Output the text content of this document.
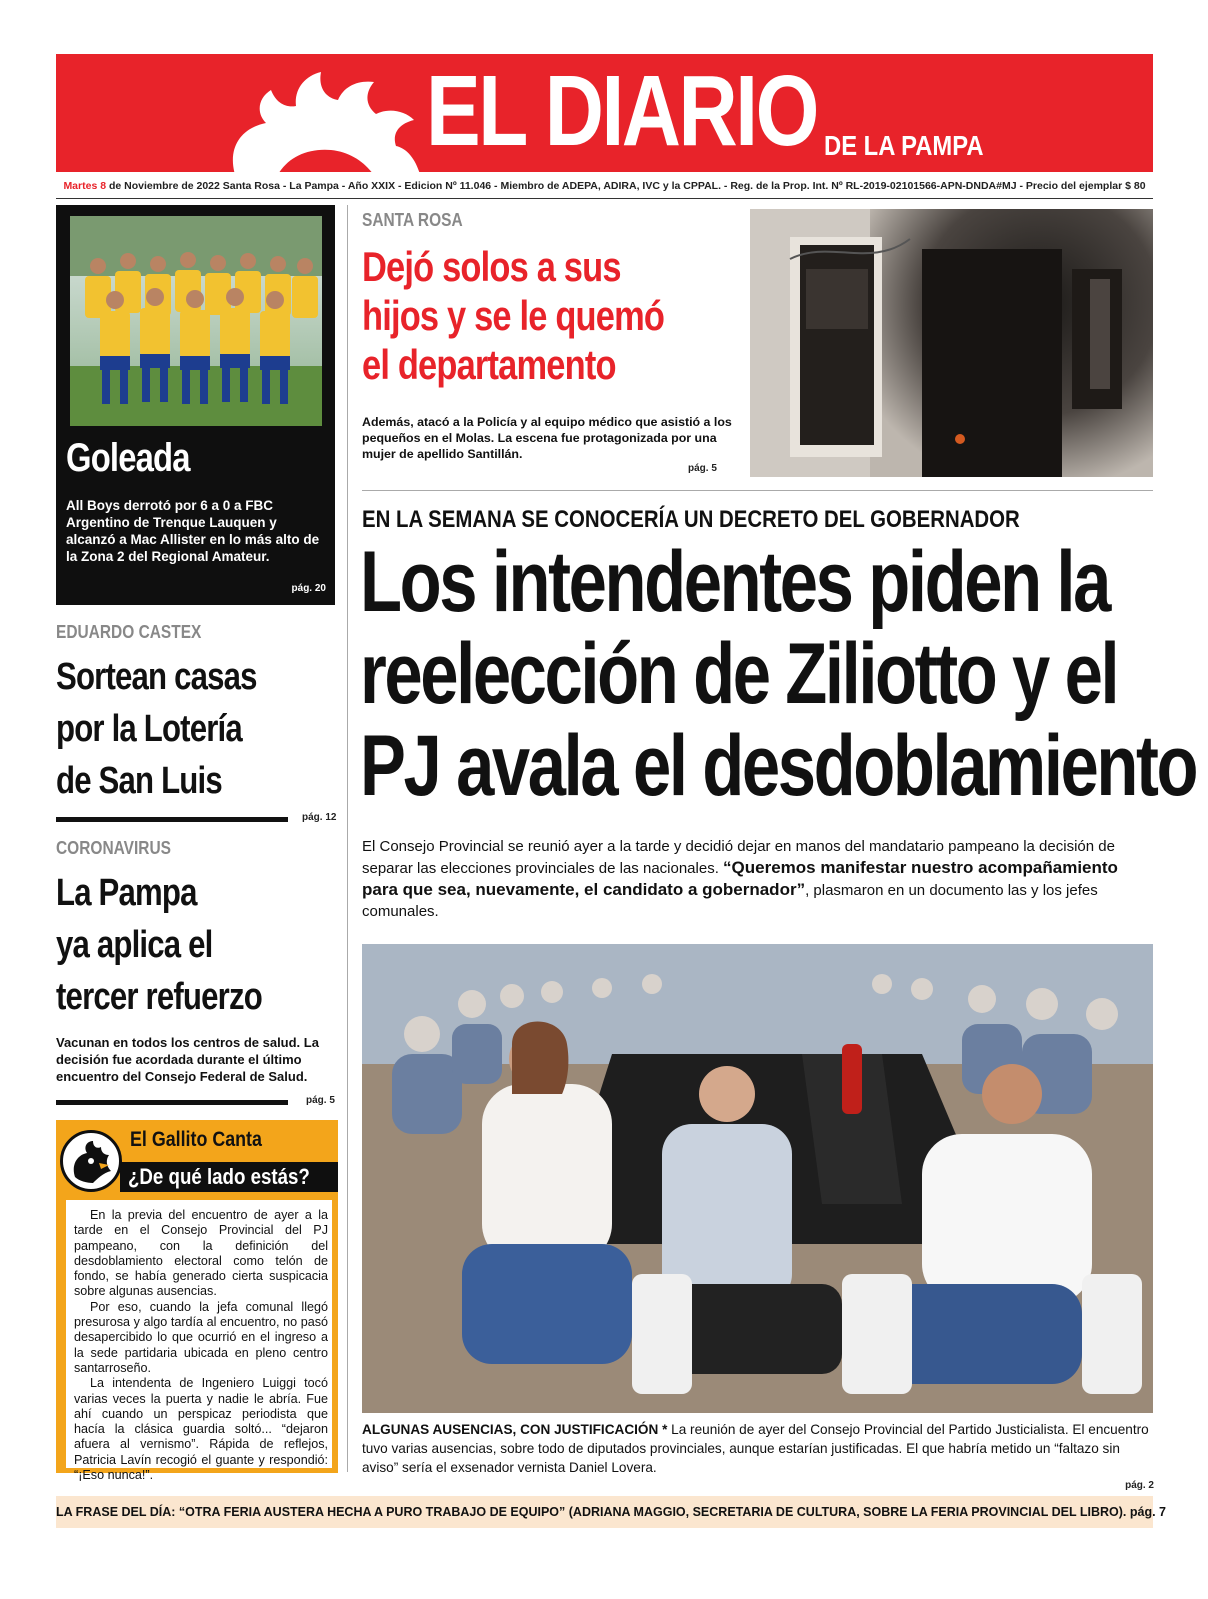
EL DIARIO DE LA PAMPA
Martes 8 de Noviembre de 2022 Santa Rosa - La Pampa - Año XXIX - Edicion Nº 11.046 - Miembro de ADEPA, ADIRA, IVC y la CPPAL. - Reg. de la Prop. Int. Nº RL-2019-02101566-APN-DNDA#MJ - Precio del ejemplar $ 80
Goleada
All Boys derrotó por 6 a 0 a FBC Argentino de Trenque Lauquen y alcanzó a Mac Allister en lo más alto de la Zona 2 del Regional Amateur.
pág. 20
EDUARDO CASTEX
Sortean casas
por la Lotería
de San Luis
pág. 12
CORONAVIRUS
La Pampa
ya aplica el
tercer refuerzo
Vacunan en todos los centros de salud. La decisión fue acordada durante el último encuentro del Consejo Federal de Salud.
pág. 5
El Gallito Canta
¿De qué lado estás?

En la previa del encuentro de ayer a la tarde en el Consejo Provincial del PJ pampeano, con la definición del desdoblamiento electoral como telón de fondo, se había generado cierta suspicacia sobre algunas ausencias.

Por eso, cuando la jefa comunal llegó presurosa y algo tardía al encuentro, no pasó desapercibido lo que ocurrió en el ingreso a la sede partidaria ubicada en pleno centro santarroseño.

La intendenta de Ingeniero Luiggi tocó varias veces la puerta y nadie le abría. Fue ahí cuando un perspicaz periodista que hacía la clásica guardia soltó... “dejaron afuera al vernismo”. Rápida de reflejos, Patricia Lavín recogió el guante y respondió: “¡Eso nunca!”.

SANTA ROSA
Dejó solos a sus
hijos y se le quemó
el departamento
Además, atacó a la Policía y al equipo médico que asistió a los pequeños en el Molas. La escena fue protagonizada por una mujer de apellido Santillán.
pág. 5
EN LA SEMANA SE CONOCERÍA UN DECRETO DEL GOBERNADOR
Los intendentes piden la
reelección de Ziliotto y el
PJ avala el desdoblamiento
El Consejo Provincial se reunió ayer a la tarde y decidió dejar en manos del mandatario pampeano la decisión de separar las elecciones provinciales de las nacionales. “Queremos manifestar nuestro acompañamiento para que sea, nuevamente, el candidato a gobernador”, plasmaron en un documento las y los jefes comunales.
ALGUNAS AUSENCIAS, CON JUSTIFICACIÓN * La reunión de ayer del Consejo Provincial del Partido Justicialista. El encuentro tuvo varias ausencias, sobre todo de diputados provinciales, aunque estarían justificadas. El que habría metido un “faltazo sin aviso” sería el exsenador vernista Daniel Lovera.
pág. 2
LA FRASE DEL DÍA: “OTRA FERIA AUSTERA HECHA A PURO TRABAJO DE EQUIPO” (ADRIANA MAGGIO, SECRETARIA DE CULTURA, SOBRE LA FERIA PROVINCIAL DEL LIBRO). pág. 7
